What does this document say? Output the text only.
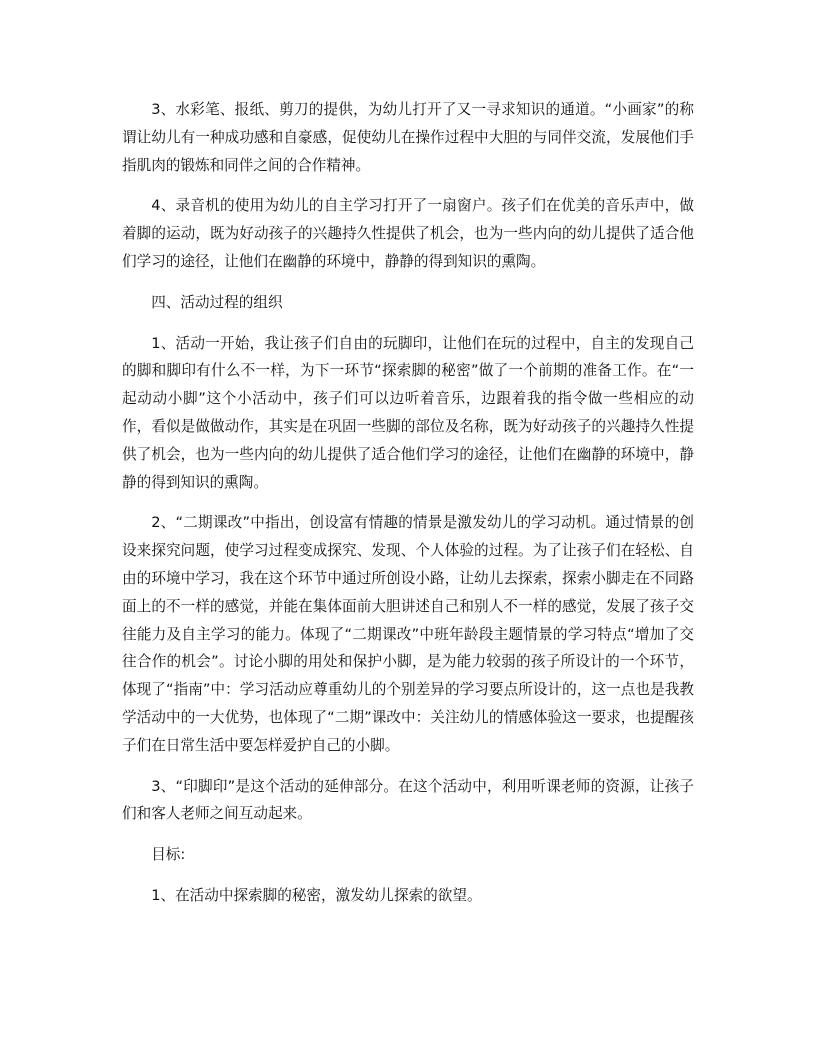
3、水彩笔、报纸、剪刀的提供，为幼儿打开了又一寻求知识的通道。“小画家”的称谓让幼儿有一种成功感和自豪感，促使幼儿在操作过程中大胆的与同伴交流，发展他们手指肌肉的锻炼和同伴之间的合作精神。

4、录音机的使用为幼儿的自主学习打开了一扇窗户。孩子们在优美的音乐声中，做着脚的运动，既为好动孩子的兴趣持久性提供了机会，也为一些内向的幼儿提供了适合他们学习的途径，让他们在幽静的环境中，静静的得到知识的熏陶。

四、活动过程的组织

1、活动一开始，我让孩子们自由的玩脚印，让他们在玩的过程中，自主的发现自己的脚和脚印有什么不一样，为下一环节“探索脚的秘密”做了一个前期的准备工作。在“一起动动小脚”这个小活动中，孩子们可以边听着音乐，边跟着我的指令做一些相应的动作，看似是做做动作，其实是在巩固一些脚的部位及名称，既为好动孩子的兴趣持久性提供了机会，也为一些内向的幼儿提供了适合他们学习的途径，让他们在幽静的环境中，静静的得到知识的熏陶。

2、“二期课改”中指出，创设富有情趣的情景是激发幼儿的学习动机。通过情景的创设来探究问题，使学习过程变成探究、发现、个人体验的过程。为了让孩子们在轻松、自由的环境中学习，我在这个环节中通过所创设小路，让幼儿去探索，探索小脚走在不同路面上的不一样的感觉，并能在集体面前大胆讲述自己和别人不一样的感觉，发展了孩子交往能力及自主学习的能力。体现了“二期课改”中班年龄段主题情景的学习特点“增加了交往合作的机会”。讨论小脚的用处和保护小脚，是为能力较弱的孩子所设计的一个环节，体现了“指南”中：学习活动应尊重幼儿的个别差异的学习要点所设计的，这一点也是我教学活动中的一大优势，也体现了“二期”课改中：关注幼儿的情感体验这一要求，也提醒孩子们在日常生活中要怎样爱护自己的小脚。

3、“印脚印”是这个活动的延伸部分。在这个活动中，利用听课老师的资源，让孩子们和客人老师之间互动起来。

目标:

1、在活动中探索脚的秘密，激发幼儿探索的欲望。
